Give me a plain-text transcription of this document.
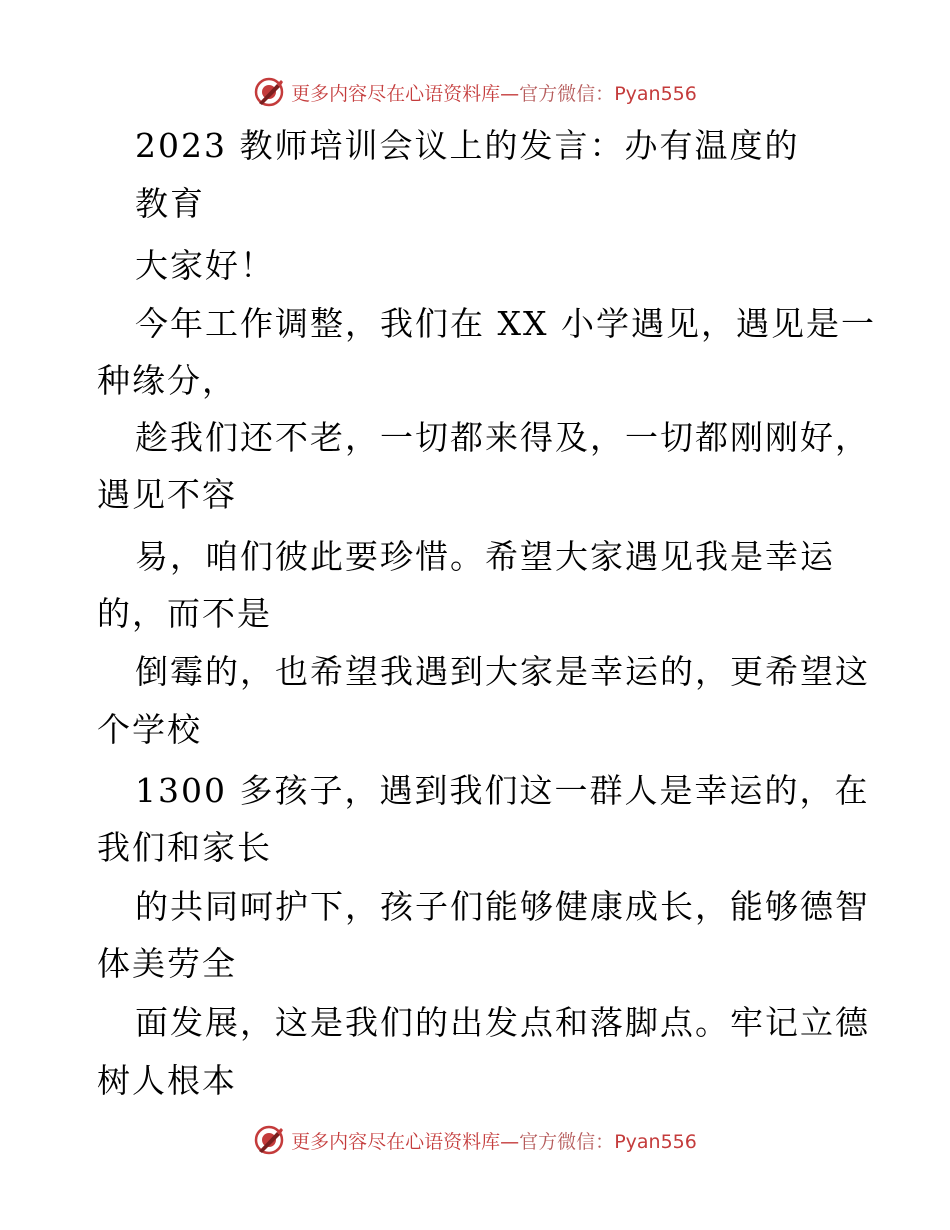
更多内容尽在心语资料库—官方微信：Pyan556
2023 教师培训会议上的发言：办有温度的
教育
大家好！
今年工作调整，我们在 XX 小学遇见，遇见是一
种缘分，
趁我们还不老，一切都来得及，一切都刚刚好，
遇见不容
易，咱们彼此要珍惜。希望大家遇见我是幸运
的，而不是
倒霉的，也希望我遇到大家是幸运的，更希望这
个学校
1300 多孩子，遇到我们这一群人是幸运的，在
我们和家长
的共同呵护下，孩子们能够健康成长，能够德智
体美劳全
面发展，这是我们的出发点和落脚点。牢记立德
树人根本
更多内容尽在心语资料库—官方微信：Pyan556
